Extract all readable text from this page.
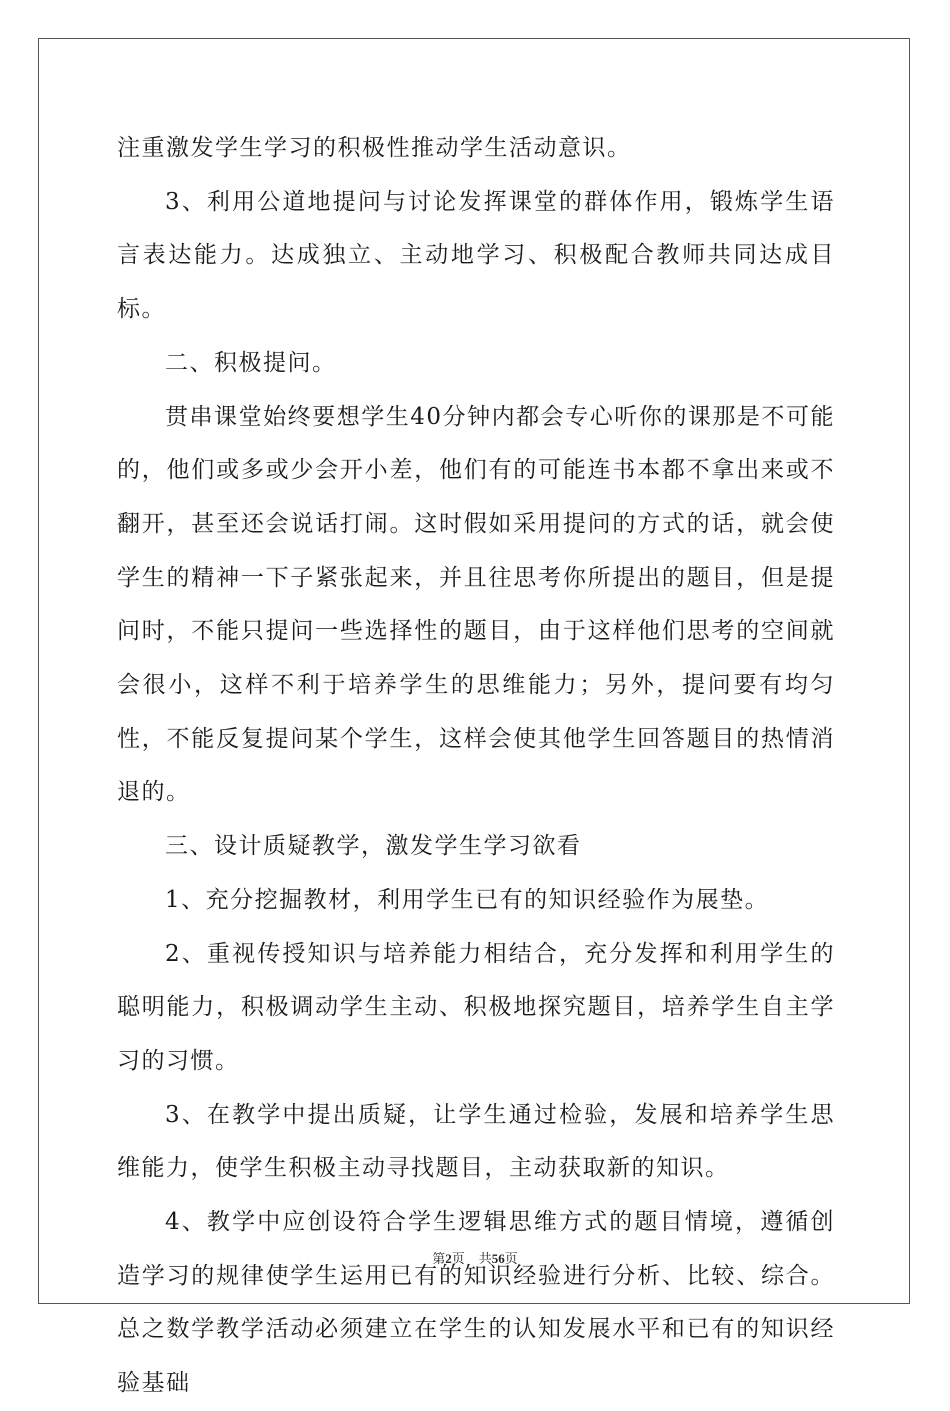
注重激发学生学习的积极性推动学生活动意识。

3、利用公道地提问与讨论发挥课堂的群体作用，锻炼学生语言表达能力。达成独立、主动地学习、积极配合教师共同达成目标。

二、积极提问。

贯串课堂始终要想学生40分钟内都会专心听你的课那是不可能的，他们或多或少会开小差，他们有的可能连书本都不拿出来或不翻开，甚至还会说话打闹。这时假如采用提问的方式的话，就会使学生的精神一下子紧张起来，并且往思考你所提出的题目，但是提问时，不能只提问一些选择性的题目，由于这样他们思考的空间就会很小，这样不利于培养学生的思维能力；另外，提问要有均匀性，不能反复提问某个学生，这样会使其他学生回答题目的热情消退的。

三、设计质疑教学，激发学生学习欲看

1、充分挖掘教材，利用学生已有的知识经验作为展垫。

2、重视传授知识与培养能力相结合，充分发挥和利用学生的聪明能力，积极调动学生主动、积极地探究题目，培养学生自主学习的习惯。

3、在教学中提出质疑，让学生通过检验，发展和培养学生思维能力，使学生积极主动寻找题目，主动获取新的知识。

4、教学中应创设符合学生逻辑思维方式的题目情境，遵循创造学习的规律使学生运用已有的知识经验进行分析、比较、综合。总之数学教学活动必须建立在学生的认知发展水平和已有的知识经验基础

第2页 共56页
